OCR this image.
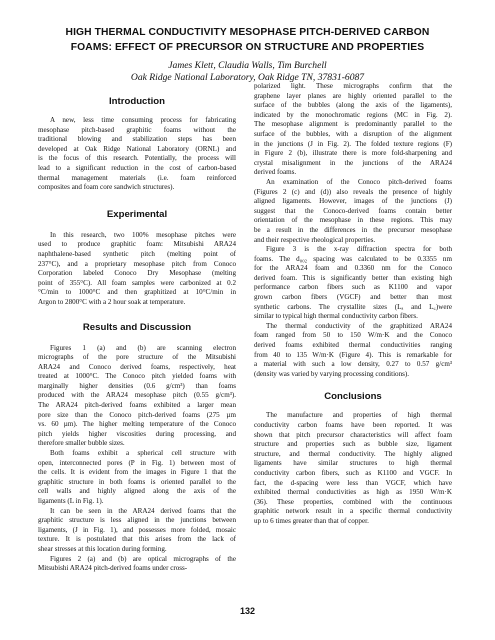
HIGH THERMAL CONDUCTIVITY MESOPHASE PITCH-DERIVED CARBON
FOAMS: EFFECT OF PRECURSOR ON STRUCTURE AND PROPERTIES
James Klett, Claudia Walls, Tim Burchell
Oak Ridge National Laboratory, Oak Ridge TN, 37831-6087
Introduction
A new, less time consuming process for fabricating
mesophase pitch-based graphitic foams without the
traditional blowing and stabilization steps has been
developed at Oak Ridge National Laboratory (ORNL) and
is the focus of this research. Potentially, the process will
lead to a significant reduction in the cost of carbon-based
thermal management materials (i.e. foam reinforced
composites and foam core sandwich structures).
Experimental
In this research, two 100% mesophase pitches were
used to produce graphitic foam: Mitsubishi ARA24
naphthalene-based synthetic pitch (melting point of
237°C), and a proprietary mesophase pitch from Conoco
Corporation labeled Conoco Dry Mesophase (melting
point of 355°C). All foam samples were carbonized at 0.2
°C/min to 1000°C and then graphitized at 10°C/min in
Argon to 2800°C with a 2 hour soak at temperature.
Results and Discussion
Figures 1 (a) and (b) are scanning electron
micrographs of the pore structure of the Mitsubishi
ARA24 and Conoco derived foams, respectively, heat
treated at 1000°C. The Conoco pitch yielded foams with
marginally higher densities (0.6 g/cm³) than foams
produced with the ARA24 mesophase pitch (0.55 g/cm³).
The ARA24 pitch-derived foams exhibited a larger mean
pore size than the Conoco pitch-derived foams (275 µm
vs. 60 µm). The higher melting temperature of the Conoco
pitch yields higher viscosities during processing, and
therefore smaller bubble sizes.
Both foams exhibit a spherical cell structure with
open, interconnected pores (P in Fig. 1) between most of
the cells. It is evident from the images in Figure 1 that the
graphitic structure in both foams is oriented parallel to the
cell walls and highly aligned along the axis of the
ligaments (L in Fig. 1).
It can be seen in the ARA24 derived foams that the
graphitic structure is less aligned in the junctions between
ligaments, (J in Fig. 1), and possesses more folded, mosaic
texture. It is postulated that this arises from the lack of
shear stresses at this location during forming.
Figures 2 (a) and (b) are optical micrographs of the
Mitsubishi ARA24 pitch-derived foams under cross-
polarized light. These micrographs confirm that the
graphene layer planes are highly oriented parallel to the
surface of the bubbles (along the axis of the ligaments),
indicated by the monochromatic regions (MC in Fig. 2).
The mesophase alignment is predominantly parallel to the
surface of the bubbles, with a disruption of the alignment
in the junctions (J in Fig. 2). The folded texture regions (F)
in Figure 2 (b), illustrate there is more fold-sharpening and
crystal misalignment in the junctions of the ARA24
derived foams.
An examination of the Conoco pitch-derived foams
(Figures 2 (c) and (d)) also reveals the presence of highly
aligned ligaments. However, images of the junctions (J)
suggest that the Conoco-derived foams contain better
orientation of the mesophase in these regions. This may
be a result in the differences in the precursor mesophase
and their respective rheological properties.
Figure 3 is the x-ray diffraction spectra for both
foams. The d₀₀₂ spacing was calculated to be 0.3355 nm
for the ARA24 foam and 0.3360 nm for the Conoco
derived foam. This is significantly better than existing high
performance carbon fibers such as K1100 and vapor
grown carbon fibers (VGCF) and better than most
synthetic carbons. The crystallite sizes (Lₐ and L꜀)were
similar to typical high thermal conductivity carbon fibers.
The thermal conductivity of the graphitized ARA24
foam ranged from 50 to 150 W/m·K and the Conoco
derived foams exhibited thermal conductivities ranging
from 40 to 135 W/m·K (Figure 4). This is remarkable for
a material with such a low density, 0.27 to 0.57 g/cm³
(density was varied by varying processing conditions).
Conclusions
The manufacture and properties of high thermal
conductivity carbon foams have been reported. It was
shown that pitch precursor characteristics will affect foam
structure and properties such as bubble size, ligament
structure, and thermal conductivity. The highly aligned
ligaments have similar structures to high thermal
conductivity carbon fibers, such as K1100 and VGCF. In
fact, the d-spacing were less than VGCF, which have
exhibited thermal conductivities as high as 1950 W/m·K
(36). These properties, combined with the continuous
graphitic network result in a specific thermal conductivity
up to 6 times greater than that of copper.
132
